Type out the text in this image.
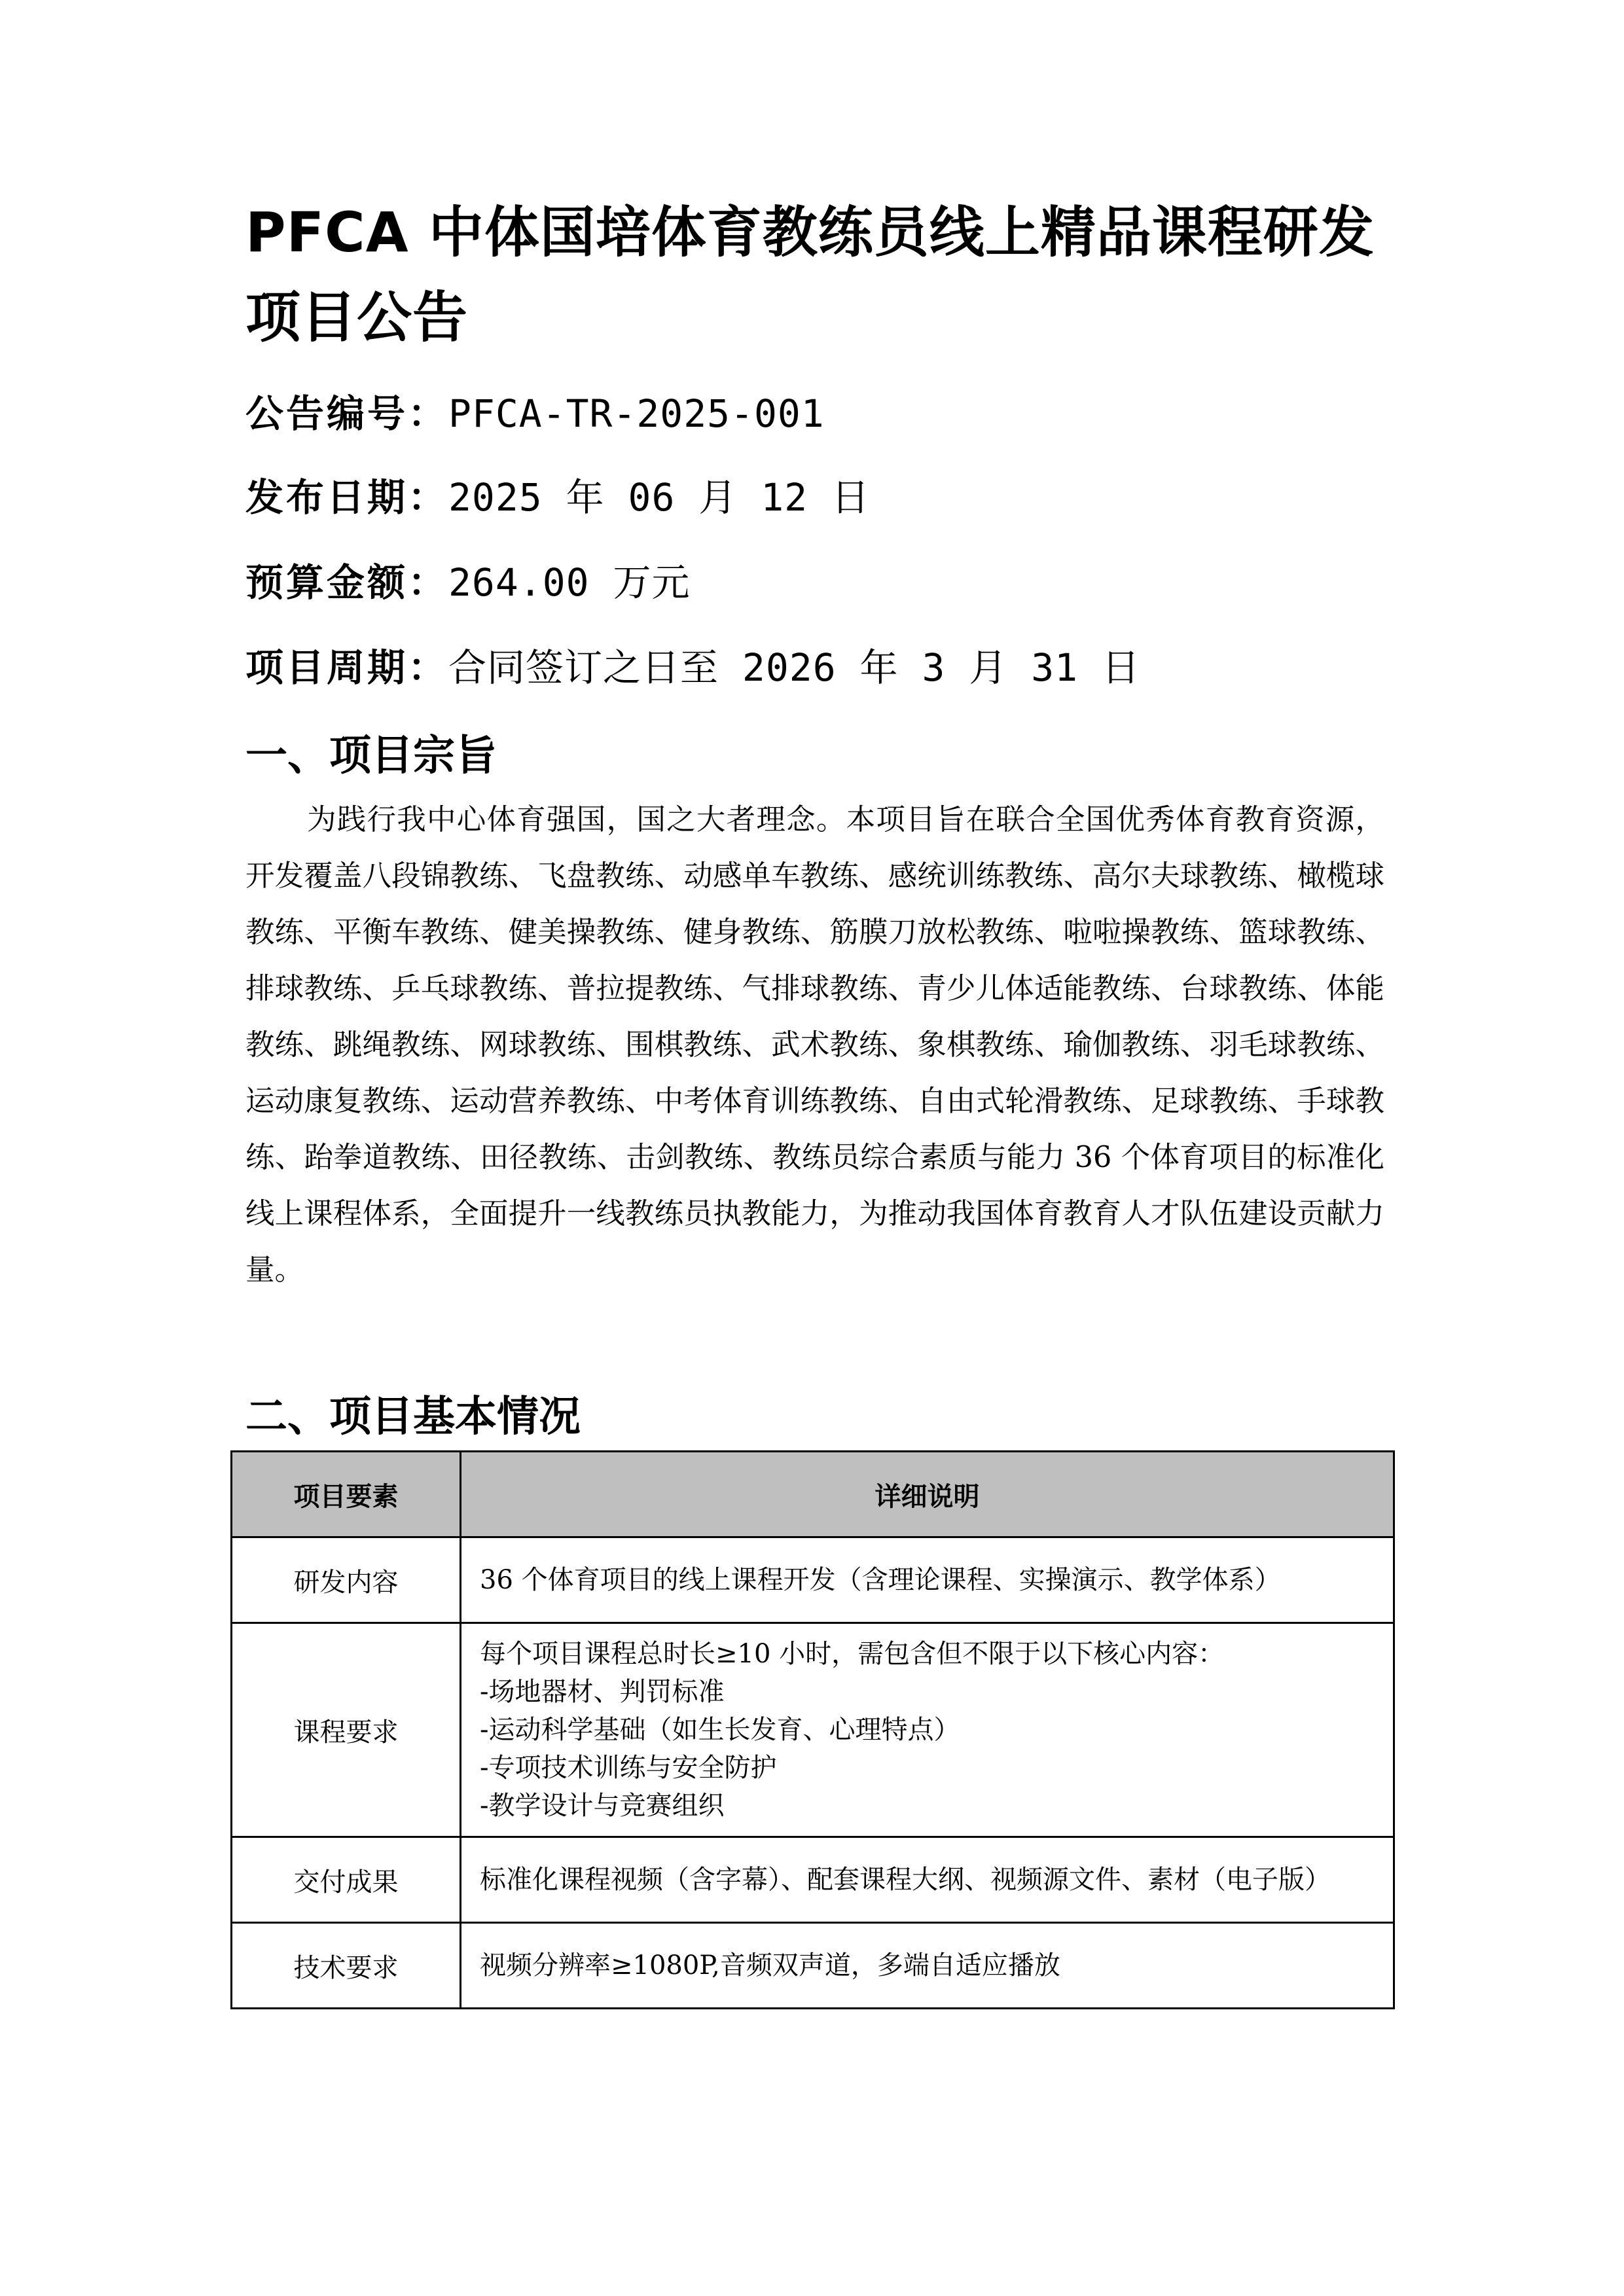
PFCA 中体国培体育教练员线上精品课程研发项目公告
公告编号：PFCA-TR-2025-001
发布日期：2025 年 06 月 12 日
预算金额：264.00 万元
项目周期：合同签订之日至 2026 年 3 月 31 日
一、项目宗旨
为践行我中心体育强国，国之大者理念。本项目旨在联合全国优秀体育教育资源，开发覆盖八段锦教练、飞盘教练、动感单车教练、感统训练教练、高尔夫球教练、橄榄球教练、平衡车教练、健美操教练、健身教练、筋膜刀放松教练、啦啦操教练、篮球教练、排球教练、乒乓球教练、普拉提教练、气排球教练、青少儿体适能教练、台球教练、体能教练、跳绳教练、网球教练、围棋教练、武术教练、象棋教练、瑜伽教练、羽毛球教练、运动康复教练、运动营养教练、中考体育训练教练、自由式轮滑教练、足球教练、手球教练、跆拳道教练、田径教练、击剑教练、教练员综合素质与能力 36 个体育项目的标准化线上课程体系，全面提升一线教练员执教能力，为推动我国体育教育人才队伍建设贡献力量。
二、项目基本情况
项目要素	详细说明
研发内容	36 个体育项目的线上课程开发（含理论课程、实操演示、教学体系）

课程要求	每个项目课程总时长≥10 小时，需包含但不限于以下核心内容：
-场地器材、判罚标准
-运动科学基础（如生长发育、心理特点）
-专项技术训练与安全防护
-教学设计与竞赛组织

交付成果	标准化课程视频（含字幕）、配套课程大纲、视频源文件、素材（电子版）

技术要求	视频分辨率≥1080P,音频双声道，多端自适应播放
